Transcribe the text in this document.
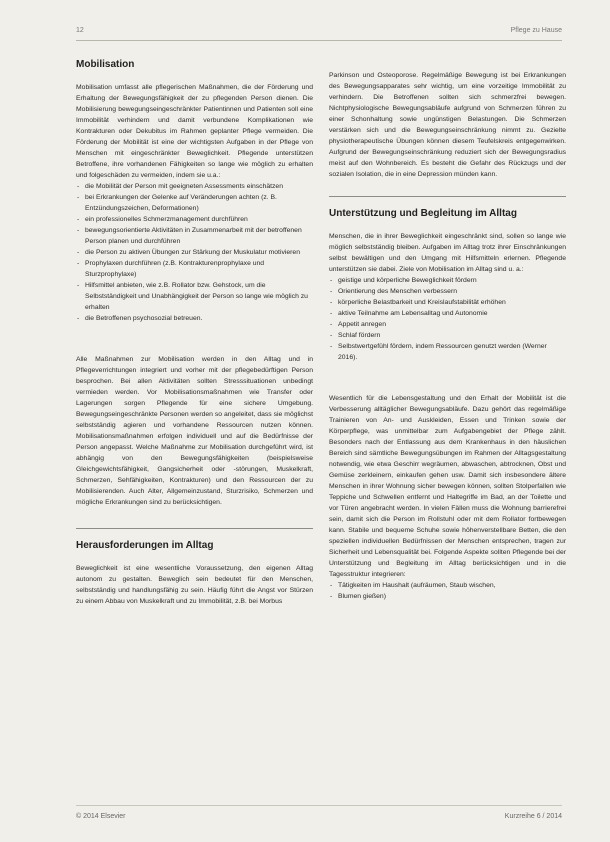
12	Pflege zu Hause
Mobilisation

Mobilisation umfasst alle pflegerischen Maßnahmen, die der Förderung und Erhaltung der Bewegungsfähigkeit der zu pflegenden Person dienen. Die Mobilisierung bewegungseingeschränkter Patientinnen und Patienten soll eine Immobilität verhindern und damit verbundene Komplikationen wie Kontrakturen oder Dekubitus im Rahmen geplanter Pflege vermeiden. Die Förderung der Mobilität ist eine der wichtigsten Aufgaben in der Pflege von Menschen mit eingeschränkter Beweglichkeit. Pflegende unterstützen Betroffene, ihre vorhandenen Fähigkeiten so lange wie möglich zu erhalten und folgeschäden zu vermeiden, indem sie u.a.:

- die Mobilität der Person mit geeigneten Assessments einschätzen
- bei Erkrankungen der Gelenke auf Veränderungen achten (z. B. Entzündungszeichen, Deformationen)
- ein professionelles Schmerzmanagement durchführen
- bewegungsorientierte Aktivitäten in Zusammenarbeit mit der betroffenen Person planen und durchführen
- die Person zu aktiven Übungen zur Stärkung der Muskulatur motivieren
- Prophylaxen durchführen (z.B. Kontrakturenprophylaxe und Sturzprophylaxe)
- Hilfsmittel anbieten, wie z.B. Rollator bzw. Gehstock, um die Selbstständigkeit und Unabhängigkeit der Person so lange wie möglich zu erhalten
- die Betroffenen psychosozial betreuen.

Alle Maßnahmen zur Mobilisation werden in den Alltag und in Pflegeverrichtungen integriert und vorher mit der pflegebedürftigen Person besprochen. Bei allen Aktivitäten sollten Stresssituationen unbedingt vermieden werden. Vor Mobilisationsmaßnahmen wie Transfer oder Lagerungen sorgen Pflegende für eine sichere Umgebung. Bewegungseingeschränkte Personen werden so angeleitet, dass sie möglichst selbstständig agieren und vorhandene Ressourcen nutzen können. Mobilisationsmaßnahmen erfolgen individuell und auf die Bedürfnisse der Person angepasst. Welche Maßnahme zur Mobilisation durchgeführt wird, ist abhängig von den Bewegungsfähigkeiten (beispielsweise Gleichgewichtsfähigkeit, Gangsicherheit oder -störungen, Muskelkraft, Schmerzen, Sehfähigkeiten, Kontrakturen) und den Ressourcen der zu Mobilisierenden. Auch Alter, Allgemeinzustand, Sturzrisiko, Schmerzen und mögliche Erkrankungen sind zu berücksichtigen.

Herausforderungen im Alltag

Beweglichkeit ist eine wesentliche Voraussetzung, den eigenen Alltag autonom zu gestalten. Beweglich sein bedeutet für den Menschen, selbstständig und handlungsfähig zu sein. Häufig führt die Angst vor Stürzen zu einem Abbau von Muskelkraft und zu Immobilität, z.B. bei Morbus

Parkinson und Osteoporose. Regelmäßige Bewegung ist bei Erkrankungen des Bewegungsapparates sehr wichtig, um eine vorzeitige Immobilität zu verhindern. Die Betroffenen sollten sich schmerzfrei bewegen. Nichtphysiologische Bewegungsabläufe aufgrund von Schmerzen führen zu einer Schonhaltung sowie ungünstigen Belastungen. Die Schmerzen verstärken sich und die Bewegungseinschränkung nimmt zu. Gezielte physiotherapeutische Übungen können diesem Teufelskreis entgegenwirken. Aufgrund der Bewegungseinschränkung reduziert sich der Bewegungsradius meist auf den Wohnbereich. Es besteht die Gefahr des Rückzugs und der sozialen Isolation, die in eine Depression münden kann.

Unterstützung und Begleitung im Alltag

Menschen, die in ihrer Beweglichkeit eingeschränkt sind, sollen so lange wie möglich selbstständig bleiben. Aufgaben im Alltag trotz ihrer Einschränkungen selbst bewältigen und den Umgang mit Hilfsmitteln erlernen. Pflegende unterstützen sie dabei. Ziele von Mobilisation im Alltag sind u. a.:

- geistige und körperliche Beweglichkeit fördern
- Orientierung des Menschen verbessern
- körperliche Belastbarkeit und Kreislaufstabilität erhöhen
- aktive Teilnahme am Lebensalltag und Autonomie
- Appetit anregen
- Schlaf fördern
- Selbstwertgefühl fördern, indem Ressourcen genutzt werden (Werner 2016).

Wesentlich für die Lebensgestaltung und den Erhalt der Mobilität ist die Verbesserung alltäglicher Bewegungsabläufe. Dazu gehört das regelmäßige Trainieren von An- und Auskleiden, Essen und Trinken sowie der Körperpflege, was unmittelbar zum Aufgabengebiet der Pflege zählt. Besonders nach der Entlassung aus dem Krankenhaus in den häuslichen Bereich sind sämtliche Bewegungsübungen im Rahmen der Alltagsgestaltung notwendig, wie etwa Geschirr wegräumen, abwaschen, abtrocknen, Obst und Gemüse zerkleinern, einkaufen gehen usw. Damit sich insbesondere ältere Menschen in ihrer Wohnung sicher bewegen können, sollten Stolperfallen wie Teppiche und Schwellen entfernt und Haltegriffe im Bad, an der Toilette und vor Türen angebracht werden. In vielen Fällen muss die Wohnung barrierefrei sein, damit sich die Person im Rollstuhl oder mit dem Rollator fortbewegen kann. Stabile und bequeme Schuhe sowie höhenverstellbare Betten, die den speziellen individuellen Bedürfnissen der Menschen entsprechen, tragen zur Sicherheit und Lebensqualität bei. Folgende Aspekte sollten Pflegende bei der Unterstützung und Begleitung im Alltag berücksichtigen und in die Tagesstruktur integrieren:

- Tätigkeiten im Haushalt (aufräumen, Staub wischen,
- Blumen gießen)
© 2014 Elsevier	Kurzreihe 6 / 2014
